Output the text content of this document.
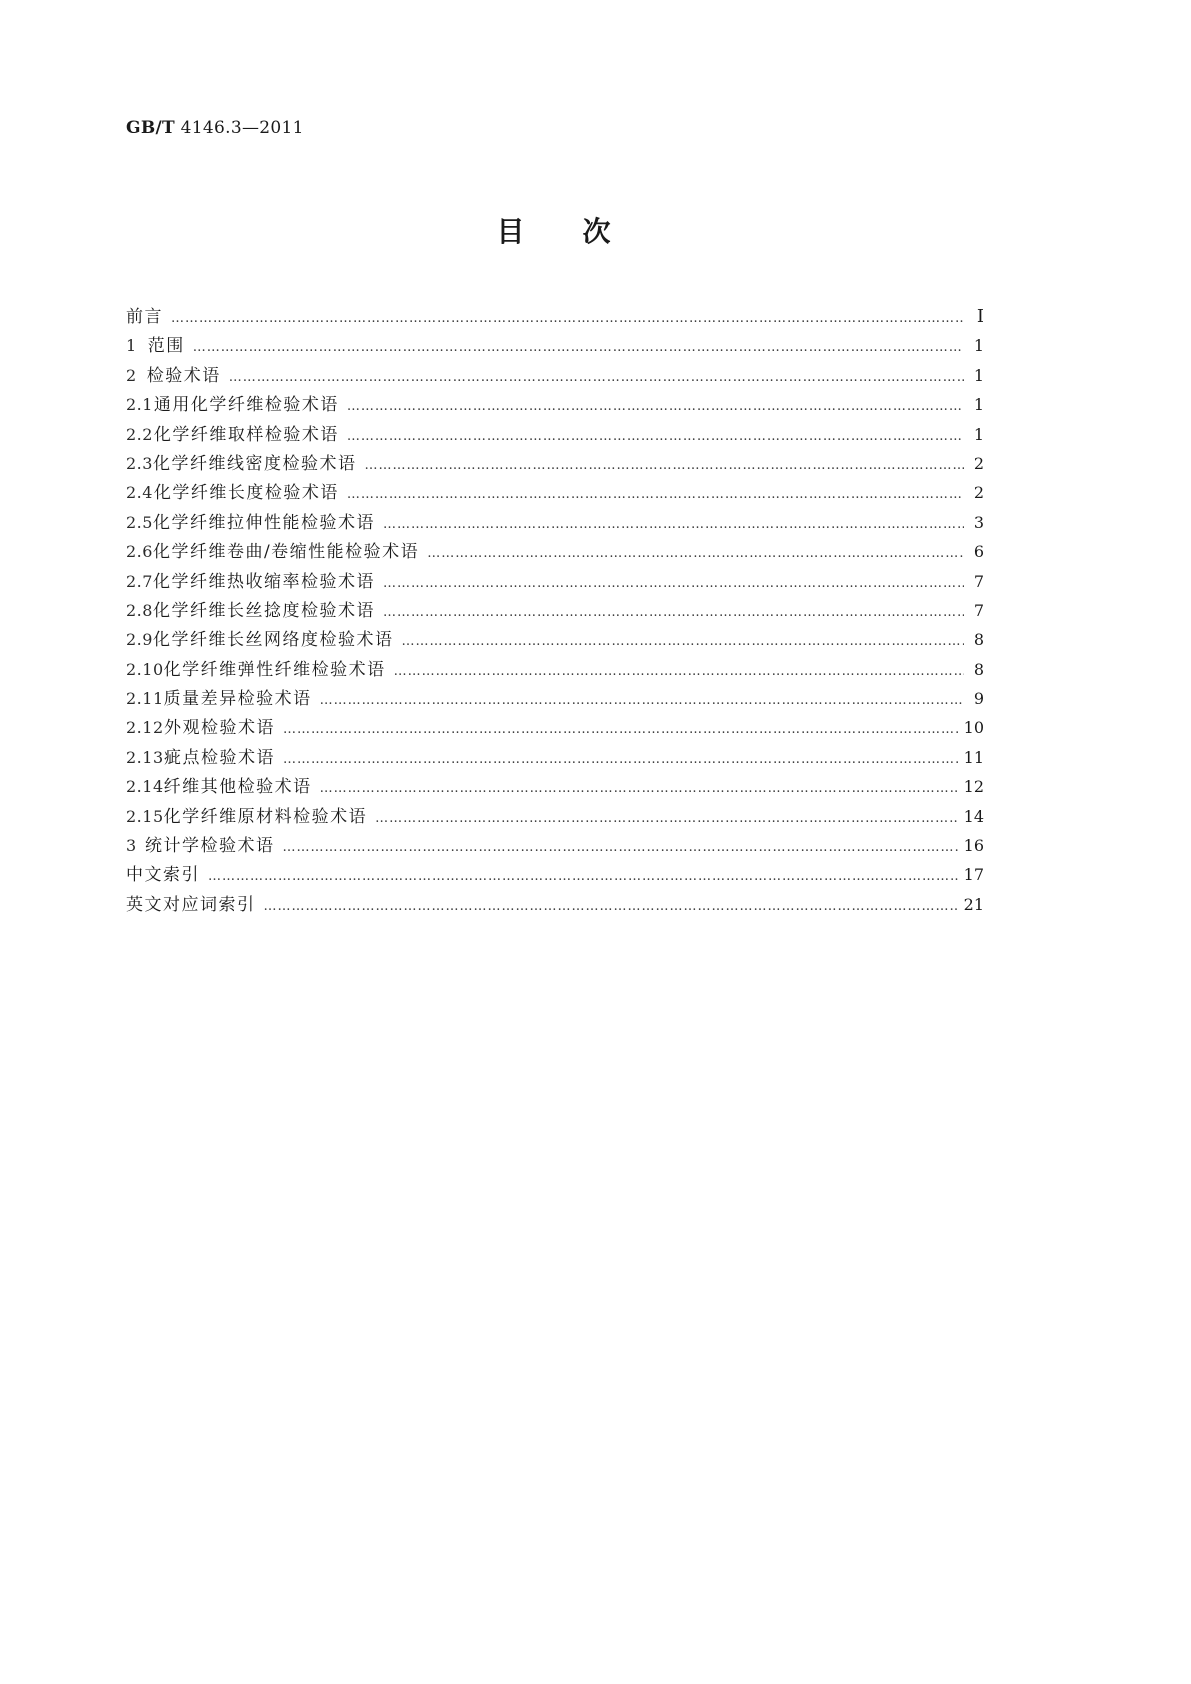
GB/T 4146.3—2011
目 次
前言 …………………………………………………………………………………………………………………………………………………………………………………………………………	Ⅰ
1 范围 …………………………………………………………………………………………………………………………………………………………………………………………………………	1
2 检验术语 …………………………………………………………………………………………………………………………………………………………………………………………………………	1
2.1 通用化学纤维检验术语 …………………………………………………………………………………………………………………………………………………………………………………………………………	1
2.2 化学纤维取样检验术语 …………………………………………………………………………………………………………………………………………………………………………………………………………	1
2.3 化学纤维线密度检验术语 …………………………………………………………………………………………………………………………………………………………………………………………………………	2
2.4 化学纤维长度检验术语 …………………………………………………………………………………………………………………………………………………………………………………………………………	2
2.5 化学纤维拉伸性能检验术语 …………………………………………………………………………………………………………………………………………………………………………………………………………	3
2.6 化学纤维卷曲/卷缩性能检验术语 …………………………………………………………………………………………………………………………………………………………………………………………………………	6
2.7 化学纤维热收缩率检验术语 …………………………………………………………………………………………………………………………………………………………………………………………………………	7
2.8 化学纤维长丝捻度检验术语 …………………………………………………………………………………………………………………………………………………………………………………………………………	7
2.9 化学纤维长丝网络度检验术语 …………………………………………………………………………………………………………………………………………………………………………………………………………	8
2.10 化学纤维弹性纤维检验术语 …………………………………………………………………………………………………………………………………………………………………………………………………………	8
2.11 质量差异检验术语 …………………………………………………………………………………………………………………………………………………………………………………………………………	9
2.12 外观检验术语 …………………………………………………………………………………………………………………………………………………………………………………………………………	10
2.13 疵点检验术语 …………………………………………………………………………………………………………………………………………………………………………………………………………	11
2.14 纤维其他检验术语 …………………………………………………………………………………………………………………………………………………………………………………………………………	12
2.15 化学纤维原材料检验术语 …………………………………………………………………………………………………………………………………………………………………………………………………………	14
3 统计学检验术语 …………………………………………………………………………………………………………………………………………………………………………………………………………	16
中文索引 …………………………………………………………………………………………………………………………………………………………………………………………………………	17
英文对应词索引 …………………………………………………………………………………………………………………………………………………………………………………………………………	21
